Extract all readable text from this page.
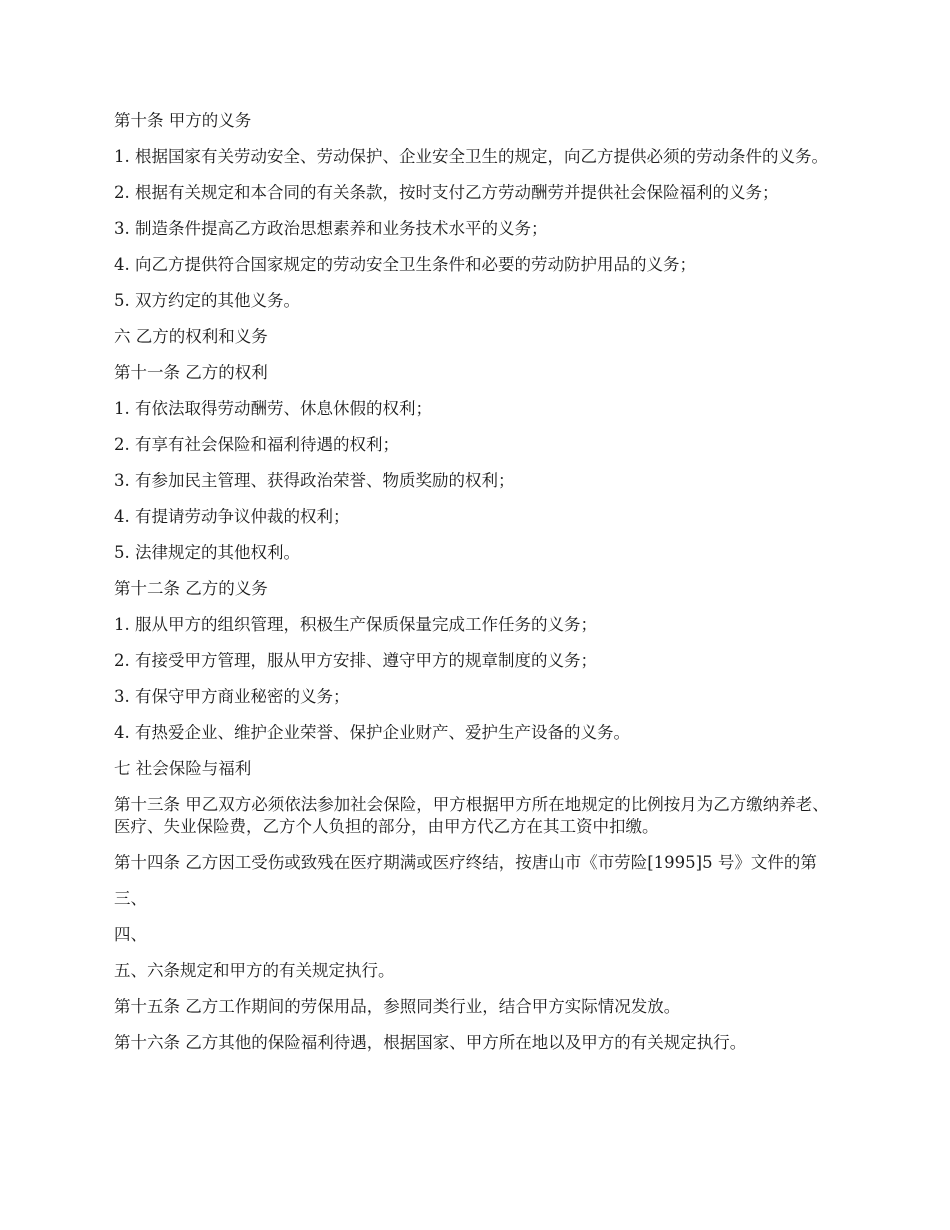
第十条 甲方的义务

1. 根据国家有关劳动安全、劳动保护、企业安全卫生的规定，向乙方提供必须的劳动条件的义务。

2. 根据有关规定和本合同的有关条款，按时支付乙方劳动酬劳并提供社会保险福利的义务；

3. 制造条件提高乙方政治思想素养和业务技术水平的义务；

4. 向乙方提供符合国家规定的劳动安全卫生条件和必要的劳动防护用品的义务；

5. 双方约定的其他义务。

六 乙方的权利和义务

第十一条 乙方的权利

1. 有依法取得劳动酬劳、休息休假的权利；

2. 有享有社会保险和福利待遇的权利；

3. 有参加民主管理、获得政治荣誉、物质奖励的权利；

4. 有提请劳动争议仲裁的权利；

5. 法律规定的其他权利。

第十二条 乙方的义务

1. 服从甲方的组织管理，积极生产保质保量完成工作任务的义务；

2. 有接受甲方管理，服从甲方安排、遵守甲方的规章制度的义务；

3. 有保守甲方商业秘密的义务；

4. 有热爱企业、维护企业荣誉、保护企业财产、爱护生产设备的义务。

七 社会保险与福利

第十三条 甲乙双方必须依法参加社会保险，甲方根据甲方所在地规定的比例按月为乙方缴纳养老、医疗、失业保险费，乙方个人负担的部分，由甲方代乙方在其工资中扣缴。

第十四条 乙方因工受伤或致残在医疗期满或医疗终结，按唐山市《市劳险[1995]5 号》文件的第

三、

四、

五、六条规定和甲方的有关规定执行。

第十五条 乙方工作期间的劳保用品，参照同类行业，结合甲方实际情况发放。

第十六条 乙方其他的保险福利待遇，根据国家、甲方所在地以及甲方的有关规定执行。
